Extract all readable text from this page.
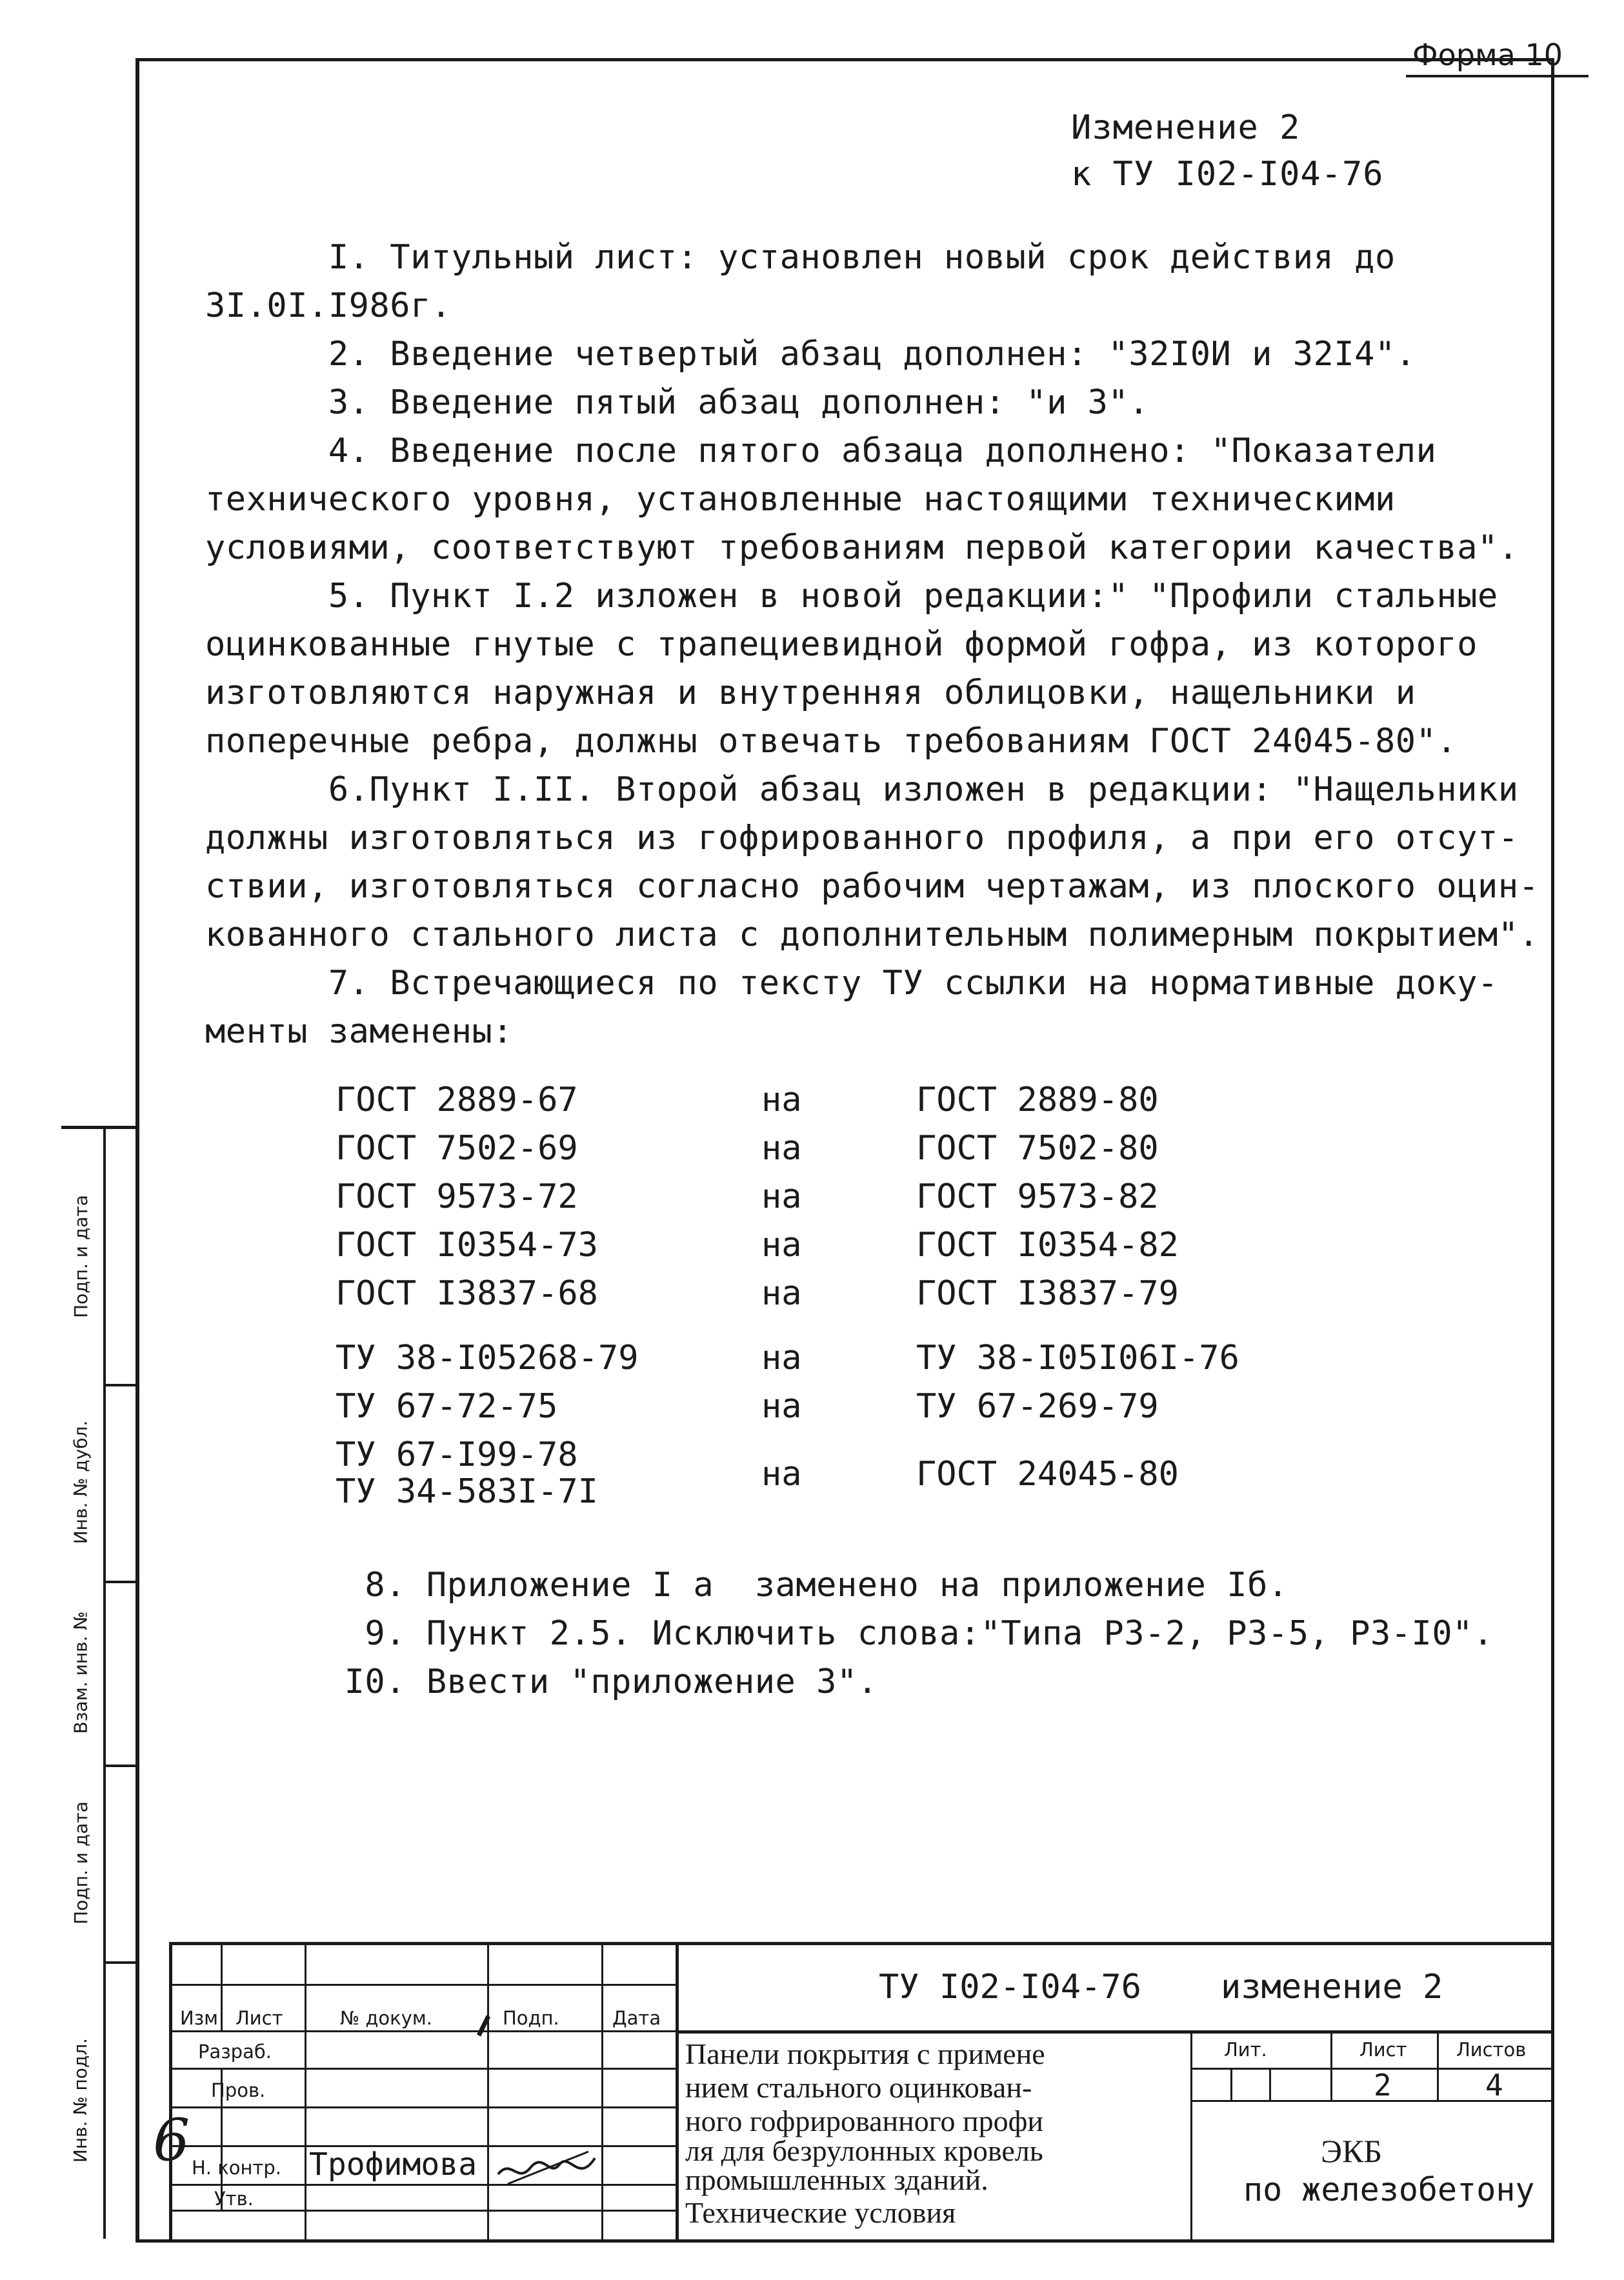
Форма 10
Изменение 2
к ТУ I02-I04-76
I. Титульный лист: установлен новый срок действия до
3I.0I.I986г.
2. Введение четвертый абзац дополнен: "32I0И и 32I4".
3. Введение пятый абзац дополнен: "и 3".
4. Введение после пятого абзаца дополнено: "Показатели
технического уровня, установленные настоящими техническими
условиями, соответствуют требованиям первой категории качества".
5. Пункт I.2 изложен в новой редакции:" "Профили стальные
оцинкованные гнутые с трапециевидной формой гофра, из которого
изготовляются наружная и внутренняя облицовки, нащельники и
поперечные ребра, должны отвечать требованиям ГОСТ 24045-80".
6.Пункт I.II. Второй абзац изложен в редакции: "Нащельники
должны изготовляться из гофрированного профиля, а при его отсут-
ствии, изготовляться согласно рабочим чертажам, из плоского оцин-
кованного стального листа с дополнительным полимерным покрытием".
7. Встречающиеся по тексту ТУ ссылки на нормативные доку-
менты заменены:
ГОСТ 2889-67	на	ГОСТ 2889-80
ГОСТ 7502-69	на	ГОСТ 7502-80
ГОСТ 9573-72	на	ГОСТ 9573-82
ГОСТ I0354-73	на	ГОСТ I0354-82
ГОСТ I3837-68	на	ГОСТ I3837-79
ТУ 38-I05268-79	на	ТУ 38-I05I06I-76
ТУ 67-72-75	на	ТУ 67-269-79
ТУ 67-I99-78	на	ГОСТ 24045-80
ТУ 34-583I-7I
8. Приложение I а  заменено на приложение Iб.
9. Пункт 2.5. Исключить слова:"Типа Р3-2, Р3-5, Р3-I0".
I0. Ввести "приложение 3".
Подп. и дата
Инв. № дубл.
Взам. инв. №
Подп. и дата
Инв. № подл.
Изм Лист	№ докум.	Подп.	Дата
Разраб.
Пров.
Н. контр.
Утв.
Трофимова
6
ТУ I02-I04-76 изменение 2
Панели покрытия с примене
нием стального оцинкован-
ного гофрированного профи
ля для безрулонных кровель
промышленных зданий.
Технические условия
Лит.	Лист	Листов
2	4
ЭКБ
по железобетону
